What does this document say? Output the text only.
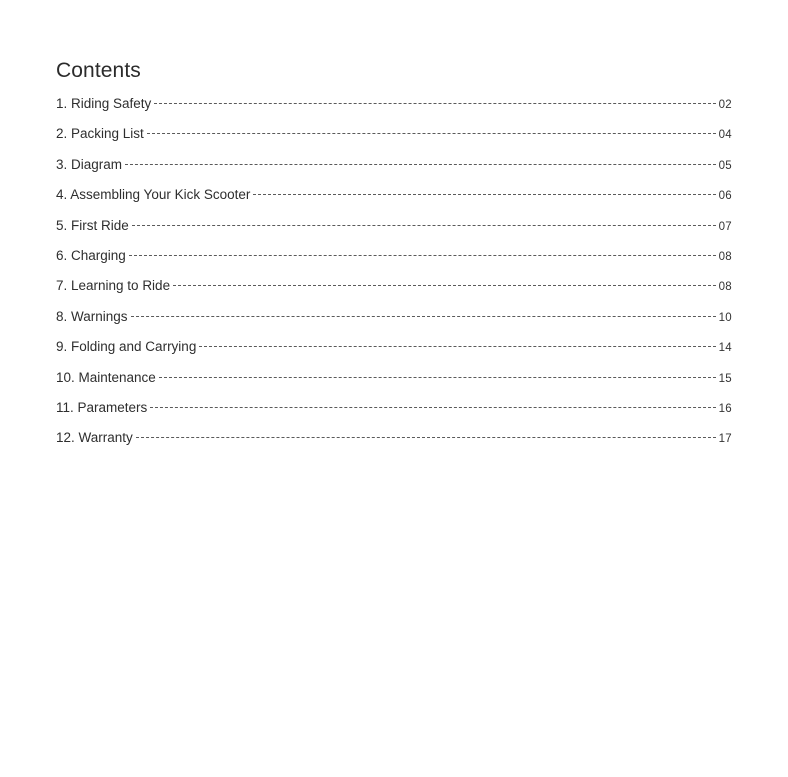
Contents
1. Riding Safety	02
2. Packing List	04
3. Diagram	05
4. Assembling Your Kick Scooter	06
5. First Ride	07
6. Charging	08
7. Learning to Ride	08
8. Warnings	10
9. Folding and Carrying	14
10. Maintenance	15
11. Parameters	16
12. Warranty	17
